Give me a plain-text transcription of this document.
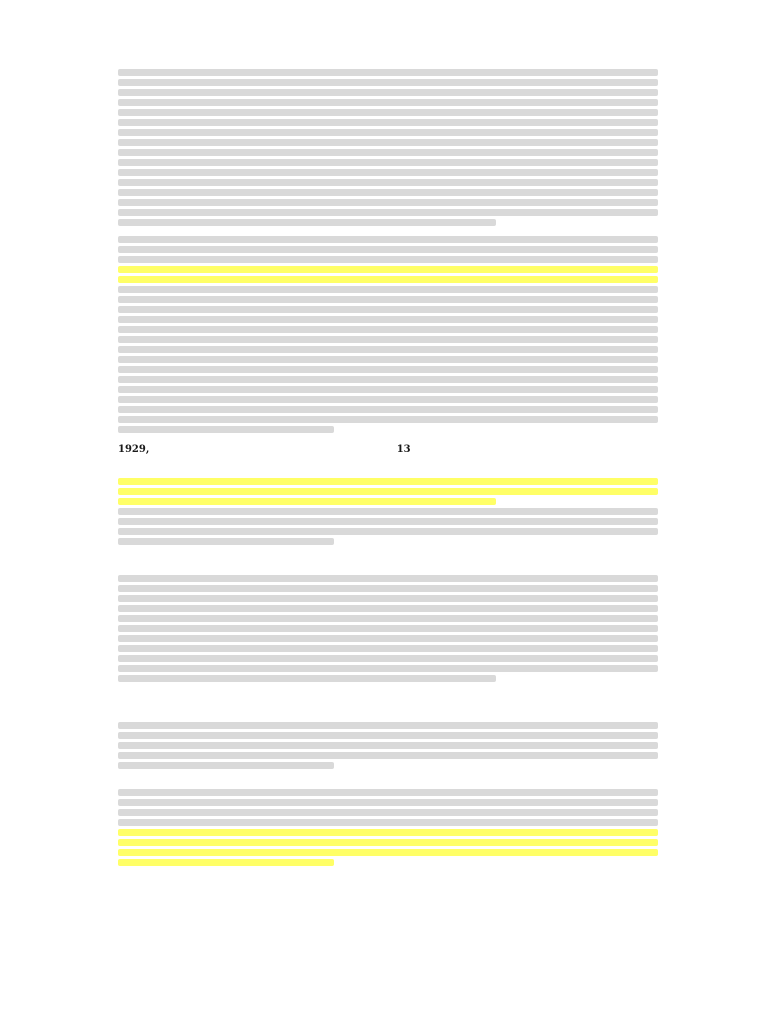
1929,	13
